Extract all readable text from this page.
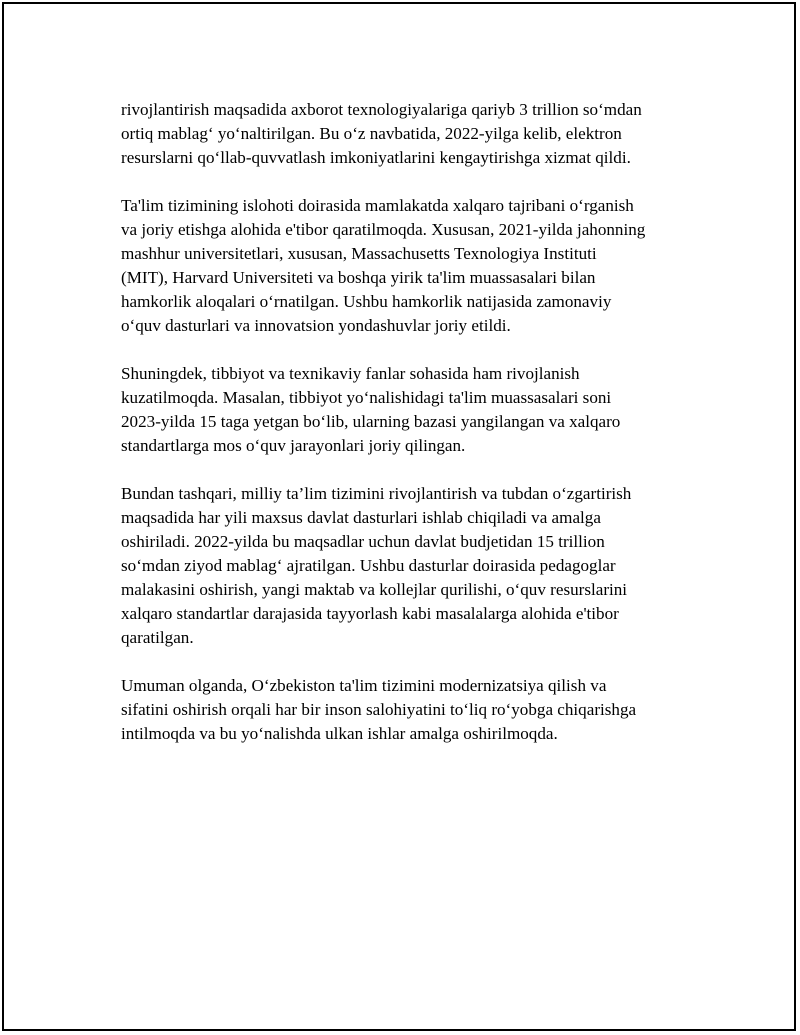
rivojlantirish maqsadida axborot texnologiyalariga qariyb 3 trillion so‘mdan
ortiq mablag‘ yo‘naltirilgan. Bu o‘z navbatida, 2022-yilga kelib, elektron
resurslarni qo‘llab-quvvatlash imkoniyatlarini kengaytirishga xizmat qildi.

Ta'lim tizimining islohoti doirasida mamlakatda xalqaro tajribani o‘rganish
va joriy etishga alohida e'tibor qaratilmoqda. Xususan, 2021-yilda jahonning
mashhur universitetlari, xususan, Massachusetts Texnologiya Instituti
(MIT), Harvard Universiteti va boshqa yirik ta'lim muassasalari bilan
hamkorlik aloqalari o‘rnatilgan. Ushbu hamkorlik natijasida zamonaviy
o‘quv dasturlari va innovatsion yondashuvlar joriy etildi.

Shuningdek, tibbiyot va texnikaviy fanlar sohasida ham rivojlanish
kuzatilmoqda. Masalan, tibbiyot yo‘nalishidagi ta'lim muassasalari soni
2023-yilda 15 taga yetgan bo‘lib, ularning bazasi yangilangan va xalqaro
standartlarga mos o‘quv jarayonlari joriy qilingan.

Bundan tashqari, milliy ta’lim tizimini rivojlantirish va tubdan o‘zgartirish
maqsadida har yili maxsus davlat dasturlari ishlab chiqiladi va amalga
oshiriladi. 2022-yilda bu maqsadlar uchun davlat budjetidan 15 trillion
so‘mdan ziyod mablag‘ ajratilgan. Ushbu dasturlar doirasida pedagoglar
malakasini oshirish, yangi maktab va kollejlar qurilishi, o‘quv resurslarini
xalqaro standartlar darajasida tayyorlash kabi masalalarga alohida e'tibor
qaratilgan.

Umuman olganda, O‘zbekiston ta'lim tizimini modernizatsiya qilish va
sifatini oshirish orqali har bir inson salohiyatini to‘liq ro‘yobga chiqarishga
intilmoqda va bu yo‘nalishda ulkan ishlar amalga oshirilmoqda.
